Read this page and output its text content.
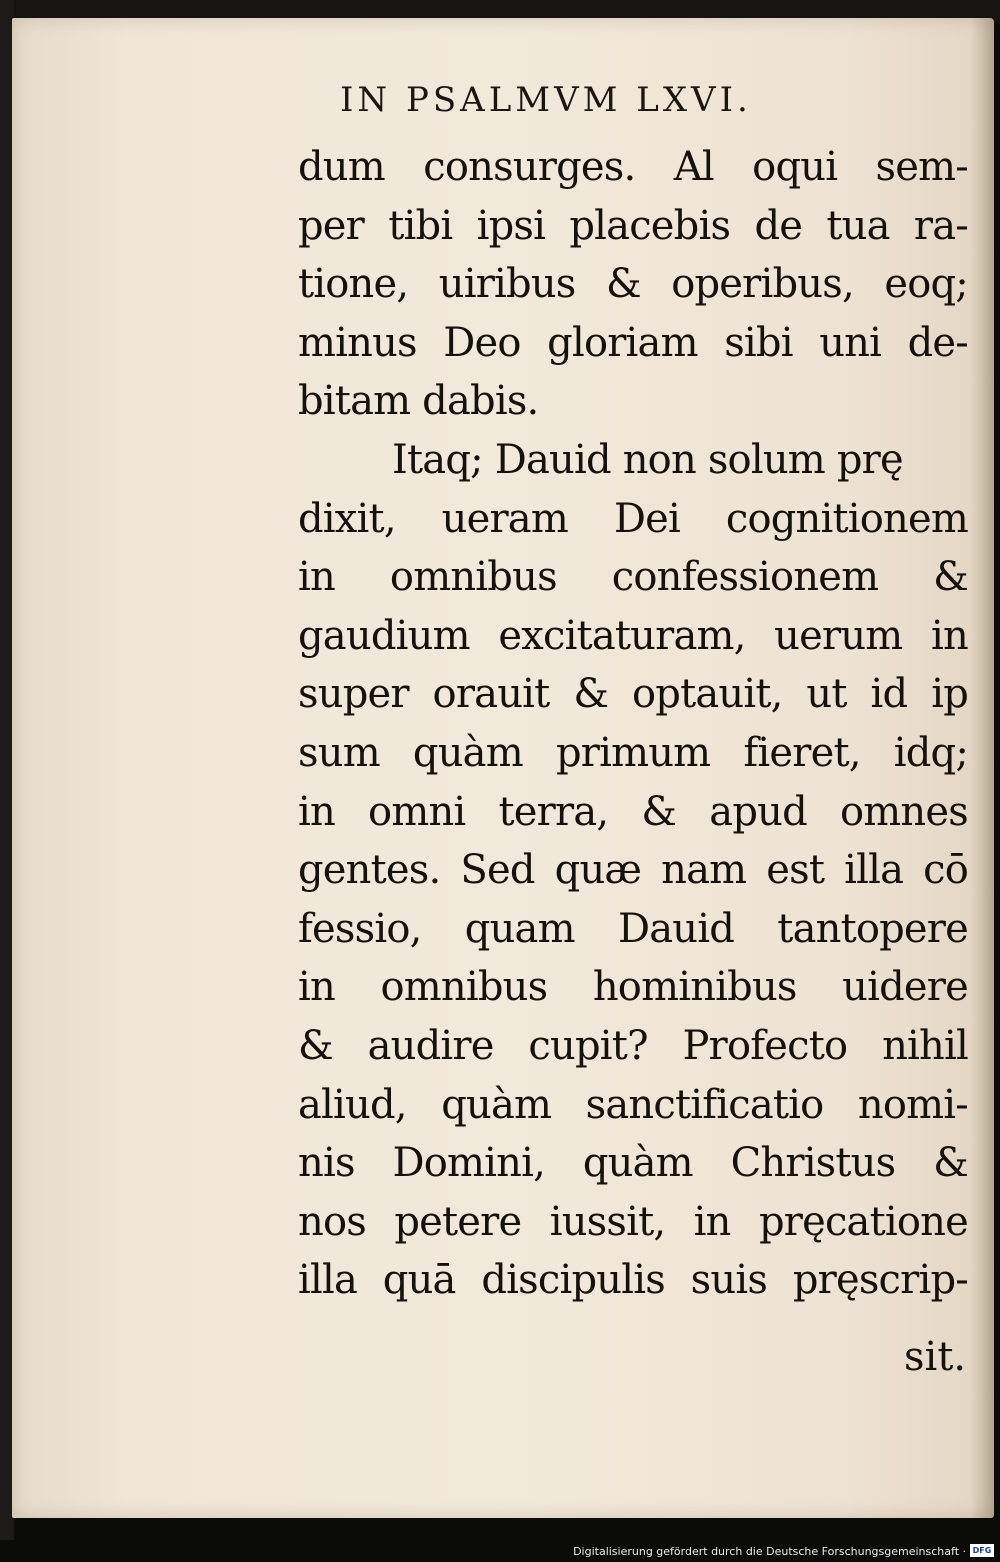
IN PSALMVM LXVI.
dum consurges. Al oqui sem-
per tibi ipsi placebis de tua ra-
tione, uiribus & operibus, eoq;
minus Deo gloriam sibi uni de-
bitam dabis.
Itaq; Dauid non solum prę
dixit, ueram Dei cognitionem
in omnibus confessionem &
gaudium excitaturam, uerum in
super orauit & optauit, ut id ip
sum quàm primum fieret, idq;
in omni terra, & apud omnes
gentes. Sed quæ nam est illa cō
fessio, quam Dauid tantopere
in omnibus hominibus uidere
& audire cupit? Profecto nihil
aliud, quàm sanctificatio nomi-
nis Domini, quàm Christus &
nos petere iussit, in pręcatione
illa quā discipulis suis pręscrip-
sit.
Digitalisierung gefördert durch die Deutsche Forschungsgemeinschaft · DFG
